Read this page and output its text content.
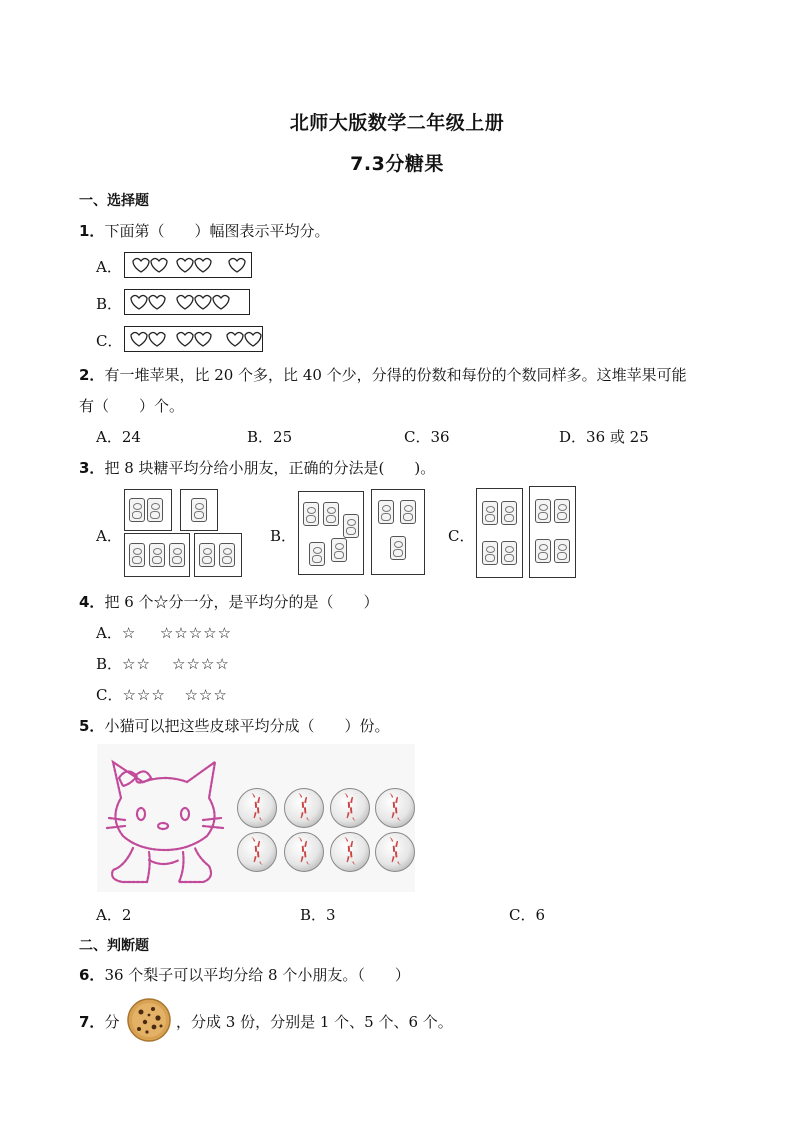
北师大版数学二年级上册
7.3分糖果
一、选择题
1．下面第（　　）幅图表示平均分。
A．
B．
C．
2．有一堆苹果，比 20 个多，比 40 个少，分得的份数和每份的个数同样多。这堆苹果可能
有（　　）个。
A．24	B．25	C．36	D．36 或 25
3．把 8 块糖平均分给小朋友，正确的分法是(　　)。
A．	B．	C．
4．把 6 个☆分一分，是平均分的是（　　）
A．☆ ☆☆☆☆☆
B．☆☆ ☆☆☆☆
C．☆☆☆ ☆☆☆
5．小猫可以把这些皮球平均分成（　　）份。
A．2	B．3	C．6
二、判断题
6．36 个梨子可以平均分给 8 个小朋友。（　　）
7．分	，分成 3 份，分别是 1 个、5 个、6 个。
